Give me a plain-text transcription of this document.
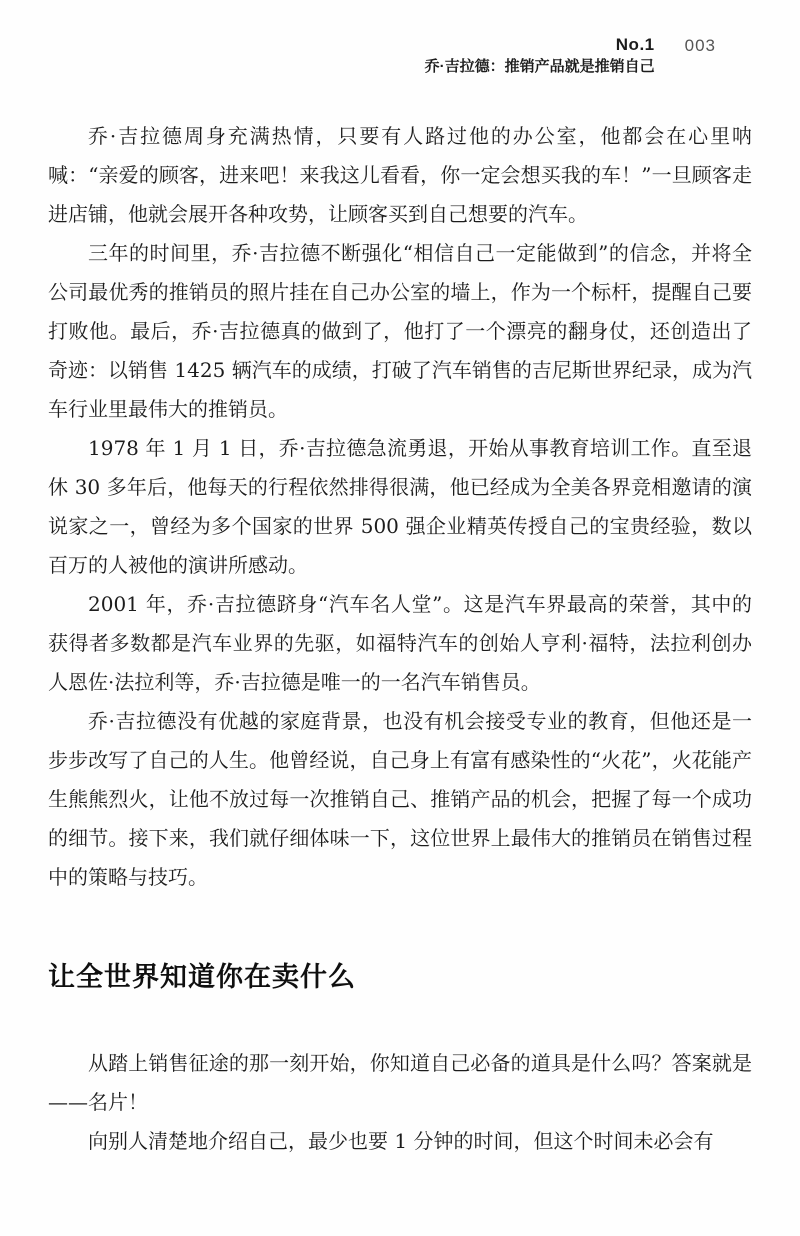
No.1
乔·吉拉德：推销产品就是推销自己
003

乔·吉拉德周身充满热情，只要有人路过他的办公室，他都会在心里呐喊：“亲爱的顾客，进来吧！来我这儿看看，你一定会想买我的车！”一旦顾客走进店铺，他就会展开各种攻势，让顾客买到自己想要的汽车。

三年的时间里，乔·吉拉德不断强化“相信自己一定能做到”的信念，并将全公司最优秀的推销员的照片挂在自己办公室的墙上，作为一个标杆，提醒自己要打败他。最后，乔·吉拉德真的做到了，他打了一个漂亮的翻身仗，还创造出了奇迹：以销售 1425 辆汽车的成绩，打破了汽车销售的吉尼斯世界纪录，成为汽车行业里最伟大的推销员。

1978 年 1 月 1 日，乔·吉拉德急流勇退，开始从事教育培训工作。直至退休 30 多年后，他每天的行程依然排得很满，他已经成为全美各界竞相邀请的演说家之一，曾经为多个国家的世界 500 强企业精英传授自己的宝贵经验，数以百万的人被他的演讲所感动。

2001 年，乔·吉拉德跻身“汽车名人堂”。这是汽车界最高的荣誉，其中的获得者多数都是汽车业界的先驱，如福特汽车的创始人亨利·福特，法拉利创办人恩佐·法拉利等，乔·吉拉德是唯一的一名汽车销售员。

乔·吉拉德没有优越的家庭背景，也没有机会接受专业的教育，但他还是一步步改写了自己的人生。他曾经说，自己身上有富有感染性的“火花”，火花能产生熊熊烈火，让他不放过每一次推销自己、推销产品的机会，把握了每一个成功的细节。接下来，我们就仔细体味一下，这位世界上最伟大的推销员在销售过程中的策略与技巧。

让全世界知道你在卖什么

从踏上销售征途的那一刻开始，你知道自己必备的道具是什么吗？答案就是——名片！

向别人清楚地介绍自己，最少也要 1 分钟的时间，但这个时间未必会有
